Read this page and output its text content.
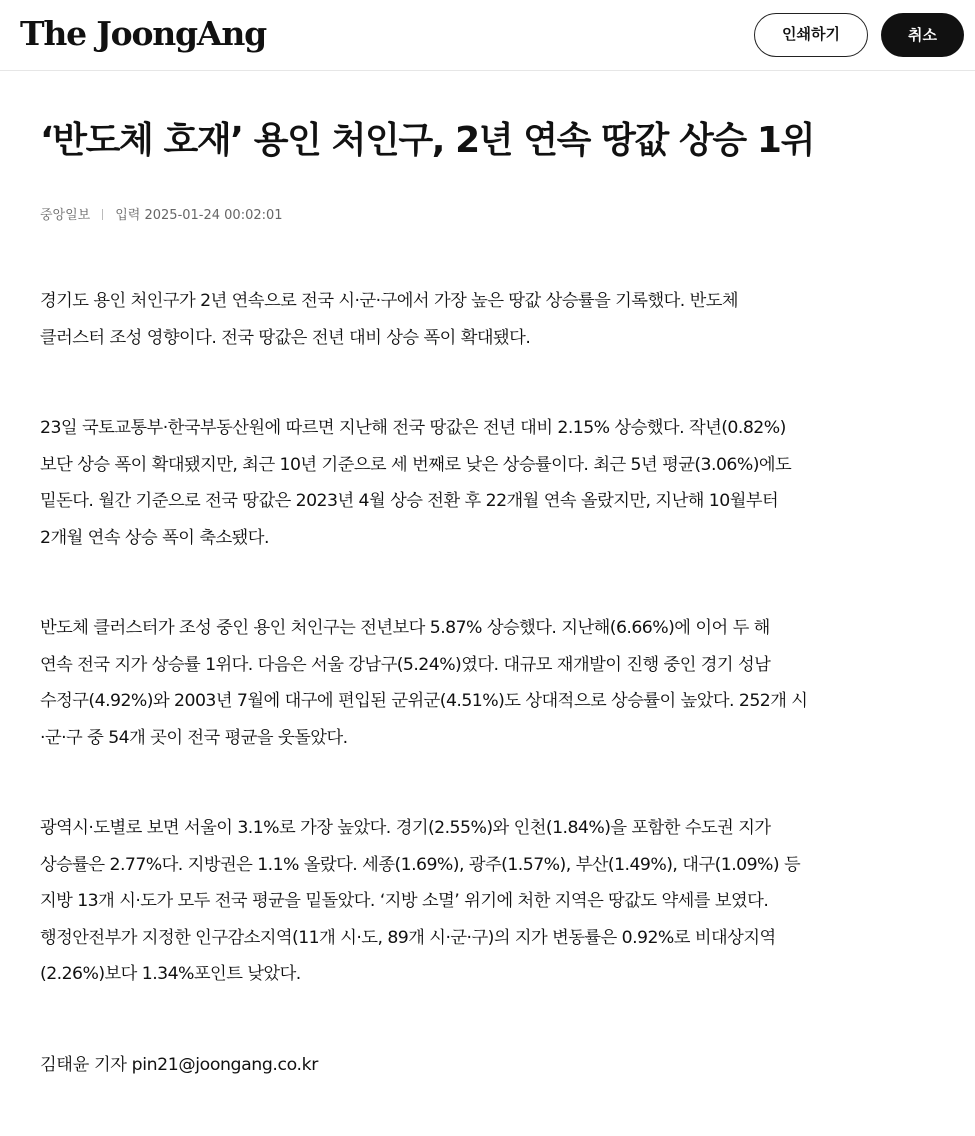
The JoongAng	인쇄하기	취소
‘반도체 호재’ 용인 처인구, 2년 연속 땅값 상승 1위
중앙일보 입력 2025-01-24 00:02:01

경기도 용인 처인구가 2년 연속으로 전국 시·군·구에서 가장 높은 땅값 상승률을 기록했다. 반도체
클러스터 조성 영향이다. 전국 땅값은 전년 대비 상승 폭이 확대됐다.

23일 국토교통부·한국부동산원에 따르면 지난해 전국 땅값은 전년 대비 2.15% 상승했다. 작년(0.82%)
보단 상승 폭이 확대됐지만, 최근 10년 기준으로 세 번째로 낮은 상승률이다. 최근 5년 평균(3.06%)에도
밑돈다. 월간 기준으로 전국 땅값은 2023년 4월 상승 전환 후 22개월 연속 올랐지만, 지난해 10월부터
2개월 연속 상승 폭이 축소됐다.

반도체 클러스터가 조성 중인 용인 처인구는 전년보다 5.87% 상승했다. 지난해(6.66%)에 이어 두 해
연속 전국 지가 상승률 1위다. 다음은 서울 강남구(5.24%)였다. 대규모 재개발이 진행 중인 경기 성남
수정구(4.92%)와 2003년 7월에 대구에 편입된 군위군(4.51%)도 상대적으로 상승률이 높았다. 252개 시
·군·구 중 54개 곳이 전국 평균을 웃돌았다.

광역시·도별로 보면 서울이 3.1%로 가장 높았다. 경기(2.55%)와 인천(1.84%)을 포함한 수도권 지가
상승률은 2.77%다. 지방권은 1.1% 올랐다. 세종(1.69%), 광주(1.57%), 부산(1.49%), 대구(1.09%) 등
지방 13개 시·도가 모두 전국 평균을 밑돌았다. ‘지방 소멸’ 위기에 처한 지역은 땅값도 약세를 보였다.
행정안전부가 지정한 인구감소지역(11개 시·도, 89개 시·군·구)의 지가 변동률은 0.92%로 비대상지역
(2.26%)보다 1.34%포인트 낮았다.

김태윤 기자 pin21@joongang.co.kr
